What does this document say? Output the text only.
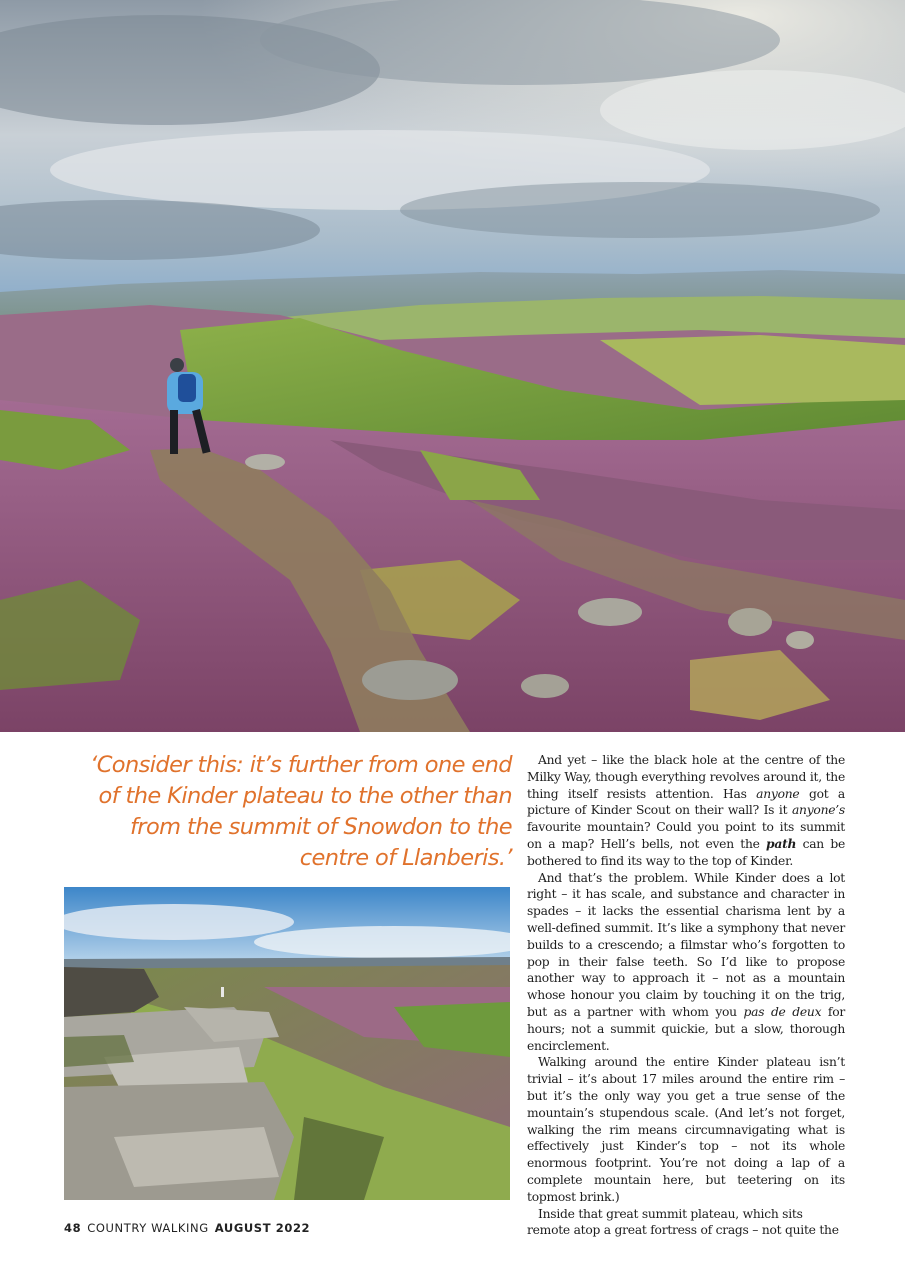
‘Consider this: it’s further from one end of the Kinder plateau to the other than from the summit of Snowdon to the centre of Llanberis.’

And yet – like the black hole at the centre of the Milky Way, though everything revolves around it, the thing itself resists attention. Has anyone got a picture of Kinder Scout on their wall? Is it anyone’s favourite mountain? Could you point to its summit on a map? Hell’s bells, not even the path can be bothered to find its way to the top of Kinder.

And that’s the problem. While Kinder does a lot right – it has scale, and substance and character in spades – it lacks the essential charisma lent by a well-defined summit. It’s like a symphony that never builds to a crescendo; a filmstar who’s forgotten to pop in their false teeth. So I’d like to propose another way to approach it – not as a mountain whose honour you claim by touching it on the trig, but as a partner with whom you pas de deux for hours; not a summit quickie, but a slow, thorough encirclement.

Walking around the entire Kinder plateau isn’t trivial – it’s about 17 miles around the entire rim – but it’s the only way you get a true sense of the mountain’s stupendous scale. (And let’s not forget, walking the rim means circumnavigating what is effectively just Kinder’s top – not its whole enormous footprint. You’re not doing a lap of a complete mountain here, but teetering on its topmost brink.)

Inside that great summit plateau, which sits remote atop a great fortress of crags – not quite the

48 COUNTRY WALKING AUGUST 2022
